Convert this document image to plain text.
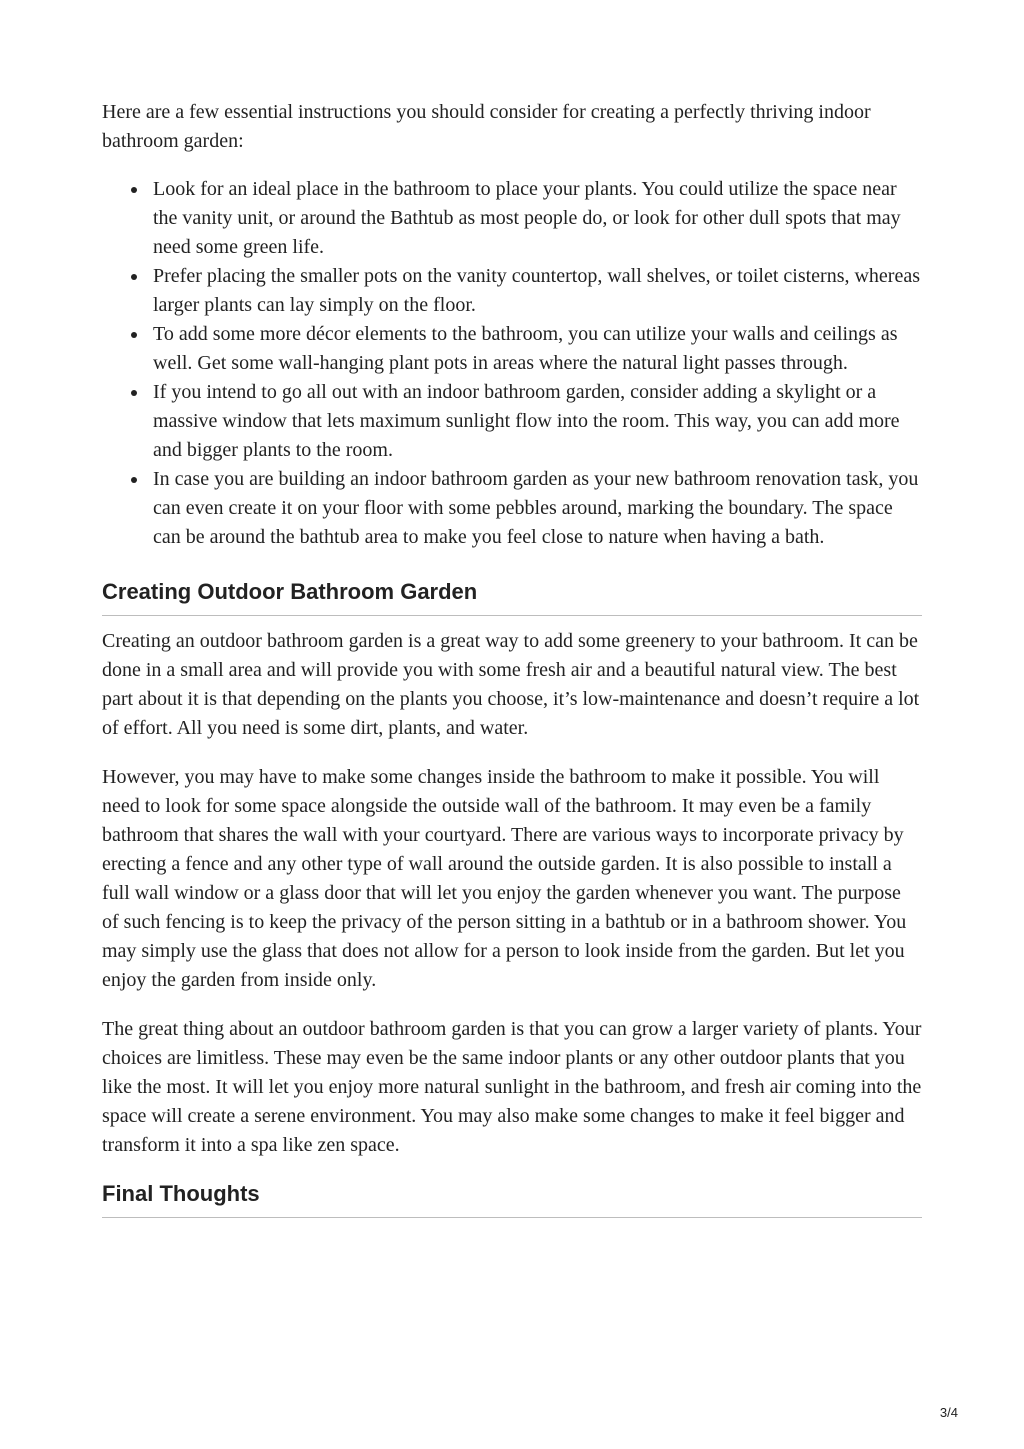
Here are a few essential instructions you should consider for creating a perfectly thriving indoor bathroom garden:

Look for an ideal place in the bathroom to place your plants. You could utilize the space near the vanity unit, or around the Bathtub as most people do, or look for other dull spots that may need some green life.
Prefer placing the smaller pots on the vanity countertop, wall shelves, or toilet cisterns, whereas larger plants can lay simply on the floor.
To add some more décor elements to the bathroom, you can utilize your walls and ceilings as well. Get some wall-hanging plant pots in areas where the natural light passes through.
If you intend to go all out with an indoor bathroom garden, consider adding a skylight or a massive window that lets maximum sunlight flow into the room. This way, you can add more and bigger plants to the room.
In case you are building an indoor bathroom garden as your new bathroom renovation task, you can even create it on your floor with some pebbles around, marking the boundary. The space can be around the bathtub area to make you feel close to nature when having a bath.
Creating Outdoor Bathroom Garden

Creating an outdoor bathroom garden is a great way to add some greenery to your bathroom. It can be done in a small area and will provide you with some fresh air and a beautiful natural view. The best part about it is that depending on the plants you choose, it’s low-maintenance and doesn’t require a lot of effort. All you need is some dirt, plants, and water.

However, you may have to make some changes inside the bathroom to make it possible. You will need to look for some space alongside the outside wall of the bathroom. It may even be a family bathroom that shares the wall with your courtyard. There are various ways to incorporate privacy by erecting a fence and any other type of wall around the outside garden. It is also possible to install a full wall window or a glass door that will let you enjoy the garden whenever you want. The purpose of such fencing is to keep the privacy of the person sitting in a bathtub or in a bathroom shower. You may simply use the glass that does not allow for a person to look inside from the garden. But let you enjoy the garden from inside only.

The great thing about an outdoor bathroom garden is that you can grow a larger variety of plants. Your choices are limitless. These may even be the same indoor plants or any other outdoor plants that you like the most. It will let you enjoy more natural sunlight in the bathroom, and fresh air coming into the space will create a serene environment. You may also make some changes to make it feel bigger and transform it into a spa like zen space.

Final Thoughts
3/4
